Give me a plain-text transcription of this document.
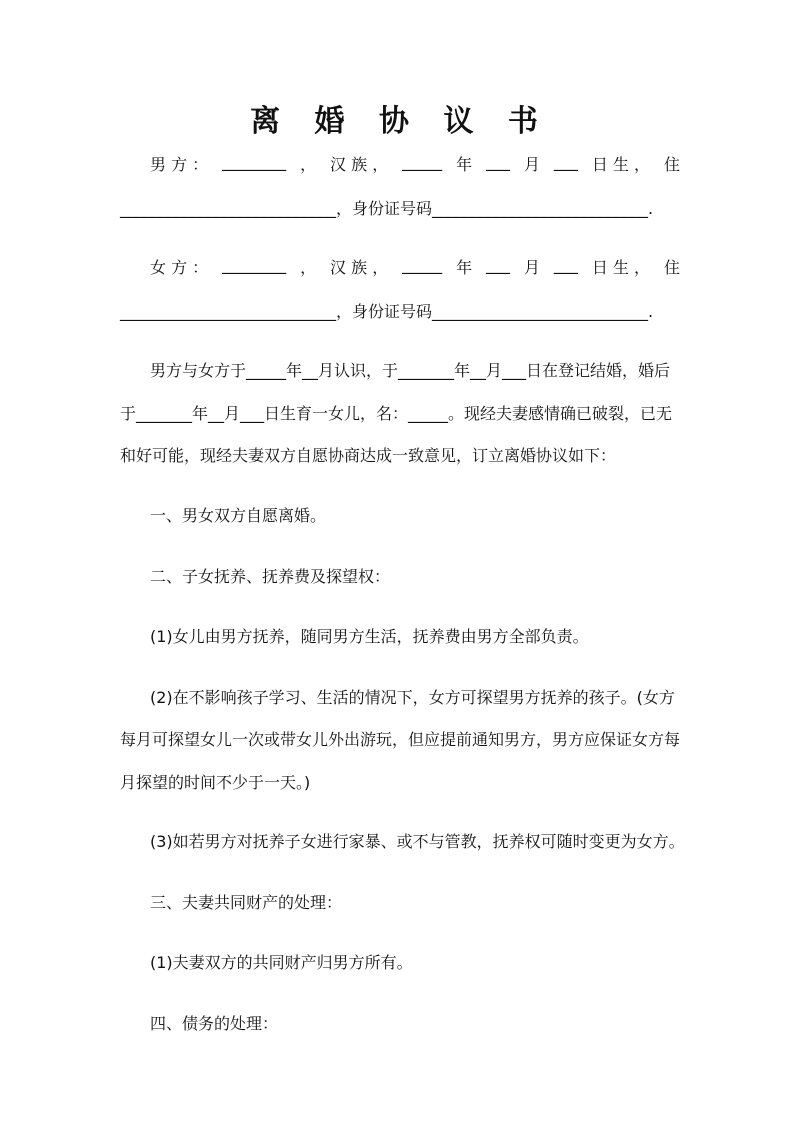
离 婚 协 议 书
男 方 ： ________ ， 汉 族 ， _____ 年 ___ 月 ___ 日 生 ， 住
___________________________，身份证号码___________________________.
女 方 ： ________ ， 汉 族 ， _____ 年 ___ 月 ___ 日 生 ， 住
___________________________，身份证号码___________________________.
男方与女方于_____年__月认识，于_______年__月___日在登记结婚，婚后
于_______年__月___日生育一女儿，名：_____。现经夫妻感情确已破裂，已无
和好可能，现经夫妻双方自愿协商达成一致意见，订立离婚协议如下：
一、男女双方自愿离婚。
二、子女抚养、抚养费及探望权：
(1)女儿由男方抚养，随同男方生活，抚养费由男方全部负责。
(2)在不影响孩子学习、生活的情况下，女方可探望男方抚养的孩子。(女方
每月可探望女儿一次或带女儿外出游玩，但应提前通知男方，男方应保证女方每
月探望的时间不少于一天。)
(3)如若男方对抚养子女进行家暴、或不与管教，抚养权可随时变更为女方。
三、夫妻共同财产的处理：
(1)夫妻双方的共同财产归男方所有。
四、债务的处理：
